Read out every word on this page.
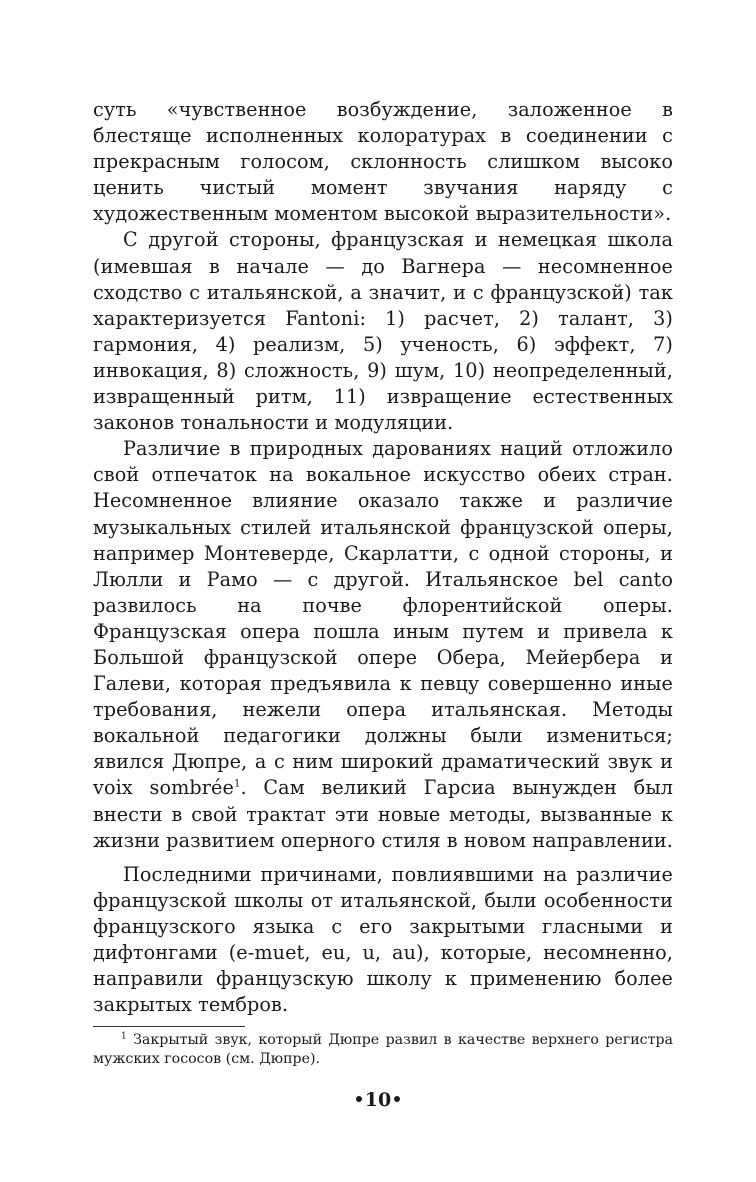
суть «чувственное возбуждение, заложенное в блестяще исполненных колоратурах в соединении с прекрасным голосом, склонность слишком высоко ценить чистый момент звучания наряду с художественным моментом высокой выразительности».

С другой стороны, французская и немецкая школа (имевшая в начале — до Вагнера — несомненное сходство с итальянской, а значит, и с французской) так характеризуется Fantoni: 1) расчет, 2) талант, 3) гармония, 4) реализм, 5) ученость, 6) эффект, 7) инвокация, 8) сложность, 9) шум, 10) неопределенный, извращенный ритм, 11) извращение естественных законов тональности и модуляции.

Различие в природных дарованиях наций отложило свой отпечаток на вокальное искусство обеих стран. Несомненное влияние оказало также и различие музыкальных стилей итальянской французской оперы, например Монтеверде, Скарлатти, с одной стороны, и Люлли и Рамо — с другой. Итальянское bel canto развилось на почве флорентийской оперы. Французская опера пошла иным путем и привела к Большой французской опере Обера, Мейербера и Галеви, которая предъявила к певцу совершенно иные требования, нежели опера итальянская. Методы вокальной педагогики должны были измениться; явился Дюпре, а с ним широкий драматический звук и voix sombrée$^1$. Сам великий Гарсиа вынужден был внести в свой трактат эти новые методы, вызванные к жизни развитием оперного стиля в новом направлении.

Последними причинами, повлиявшими на различие французской школы от итальянской, были особенности французского языка с его закрытыми гласными и дифтонгами (e-muet, eu, u, au), которые, несомненно, направили французскую школу к применению более закрытых тембров.

$^1$ Закрытый звук, который Дюпре развил в качестве верхнего регистра мужских гососов (см. Дюпре).

10
